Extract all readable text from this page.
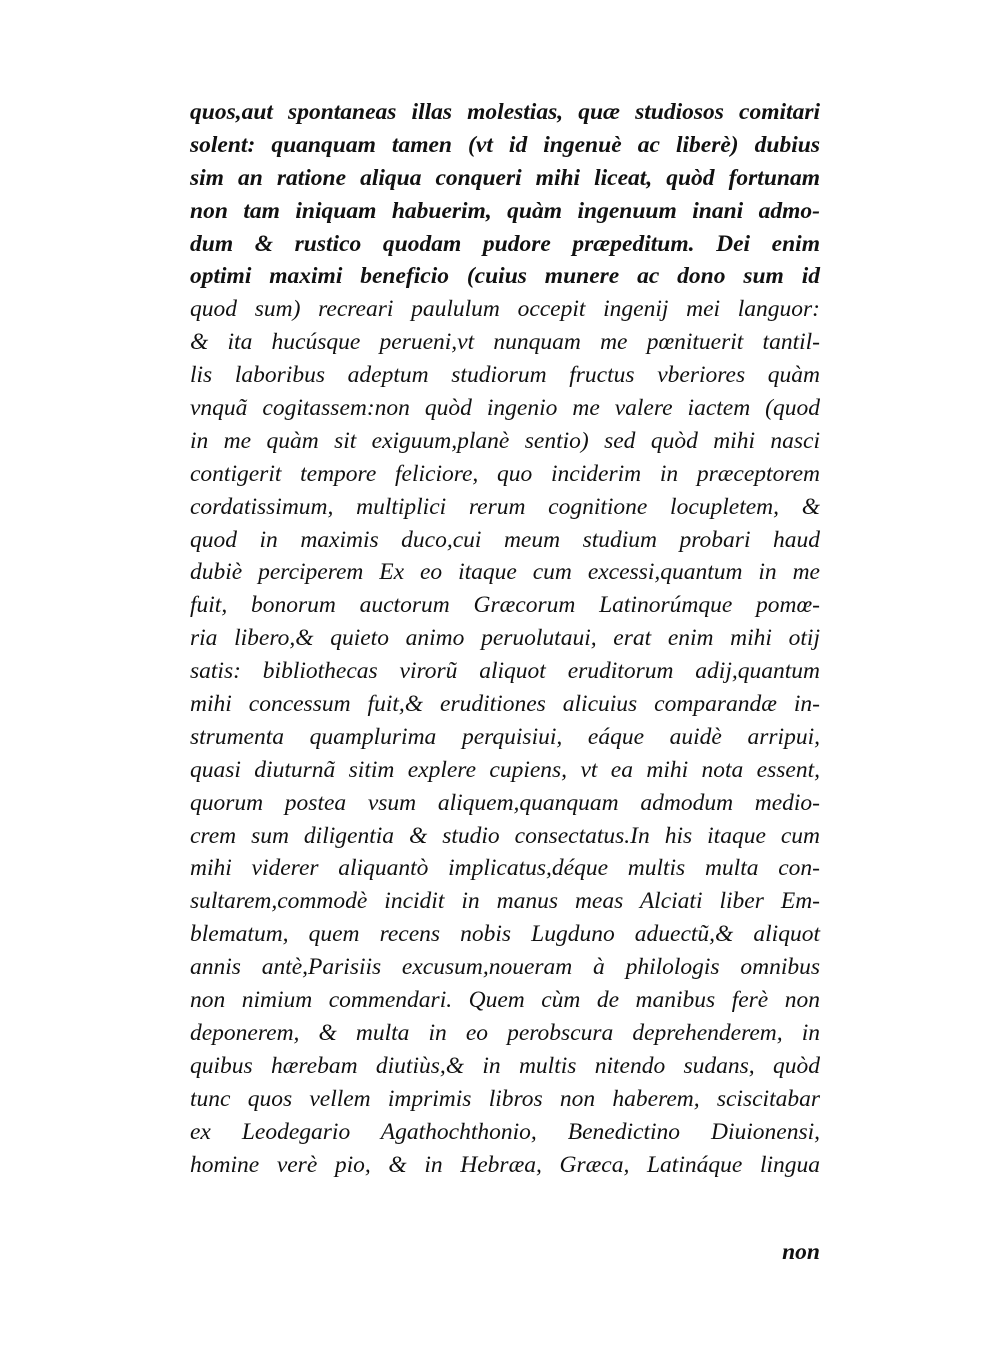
quos,aut spontaneas illas molestias, quæ studiosos comitari
solent: quanquam tamen (vt id ingenuè ac liberè) dubius
sim an ratione aliqua conqueri mihi liceat, quòd fortunam
non tam iniquam habuerim, quàm ingenuum inani admo-
dum & rustico quodam pudore præpeditum. Dei enim
optimi maximi beneficio (cuius munere ac dono sum id
quod sum) recreari paululum occepit ingenij mei languor:
& ita hucúsque perueni,vt nunquam me pœnituerit tantil-
lis laboribus adeptum studiorum fructus vberiores quàm
vnquã cogitassem:non quòd ingenio me valere iactem (quod
in me quàm sit exiguum,planè sentio) sed quòd mihi nasci
contigerit tempore feliciore, quo inciderim in præceptorem
cordatissimum, multiplici rerum cognitione locupletem, &
quod in maximis duco,cui meum studium probari haud
dubiè perciperem Ex eo itaque cum excessi,quantum in me
fuit, bonorum auctorum Græcorum Latinorúmque pomœ-
ria libero,& quieto animo peruolutaui, erat enim mihi otij
satis: bibliothecas virorũ aliquot eruditorum adij,quantum
mihi concessum fuit,& eruditiones alicuius comparandæ in-
strumenta quamplurima perquisiui, eáque auidè arripui,
quasi diuturnã sitim explere cupiens, vt ea mihi nota essent,
quorum postea vsum aliquem,quanquam admodum medio-
crem sum diligentia & studio consectatus.In his itaque cum
mihi viderer aliquantò implicatus,déque multis multa con-
sultarem,commodè incidit in manus meas Alciati liber Em-
blematum, quem recens nobis Lugduno aduectũ,& aliquot
annis antè,Parisiis excusum,noueram à philologis omnibus
non nimium commendari. Quem cùm de manibus ferè non
deponerem, & multa in eo perobscura deprehenderem, in
quibus hærebam diutiùs,& in multis nitendo sudans, quòd
tunc quos vellem imprimis libros non haberem, sciscitabar
ex Leodegario Agathochthonio, Benedictino Diuionensi,
homine verè pio, & in Hebræa, Græca, Latináque lingua
non
